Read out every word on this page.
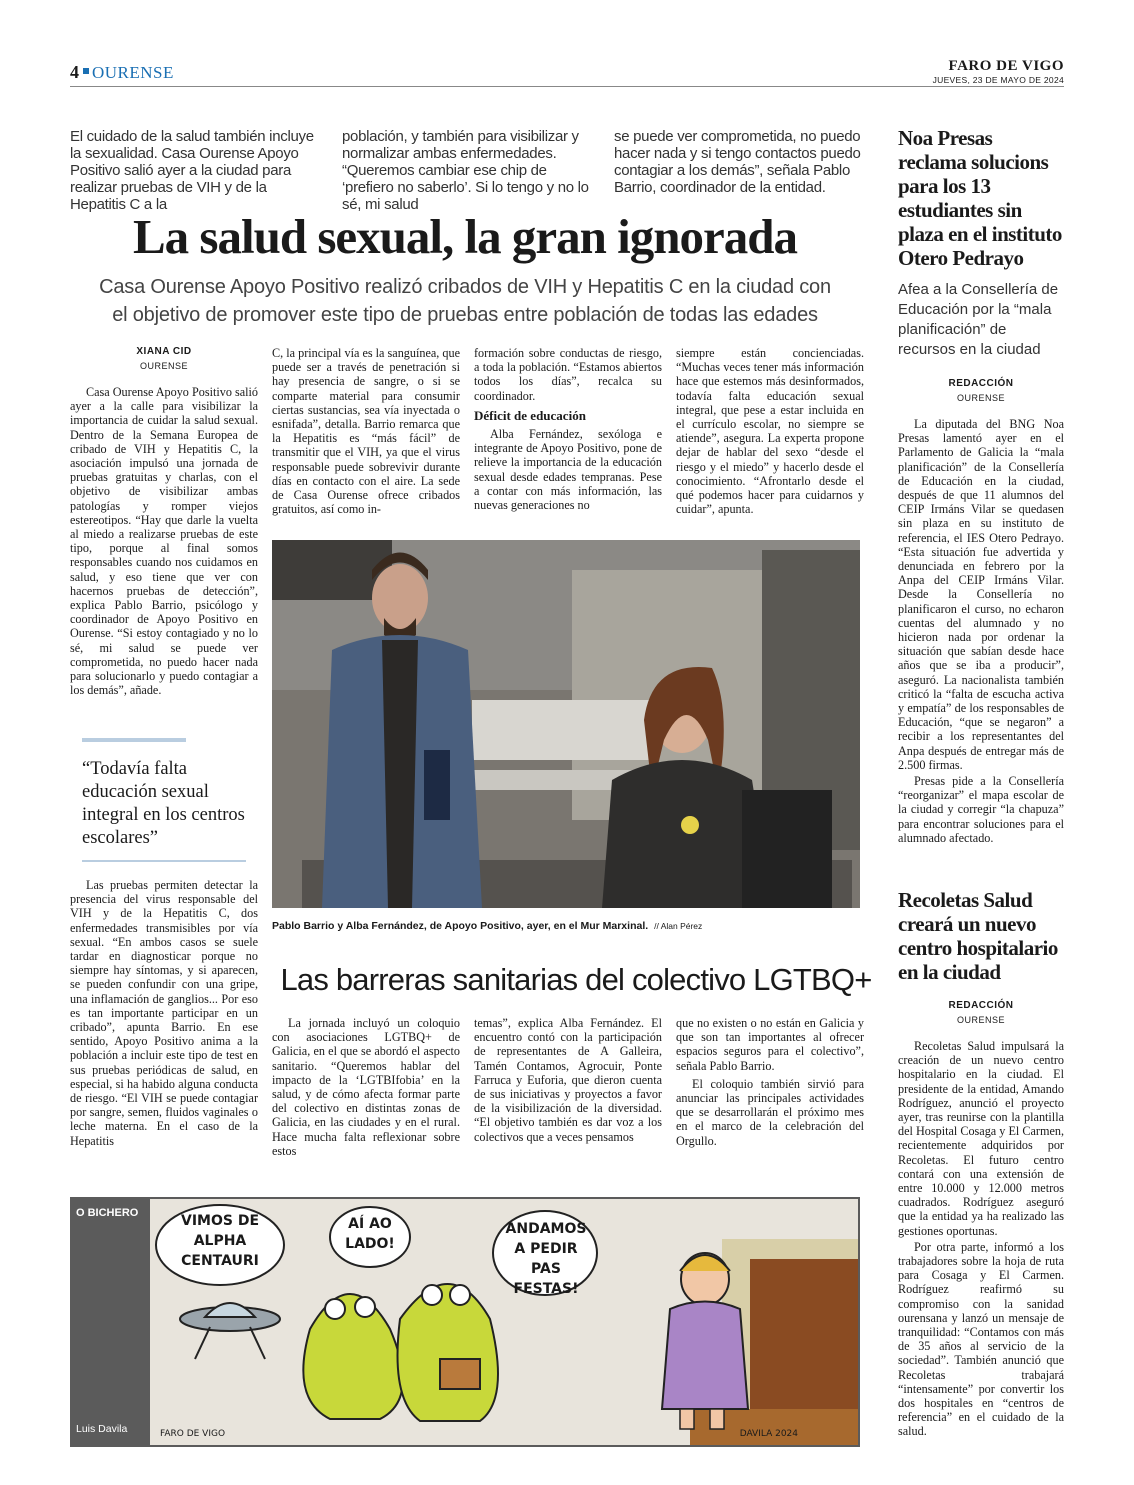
4 OURENSE	FARO DE VIGO
JUEVES, 23 DE MAYO DE 2024
El cuidado de la salud también incluye la sexualidad. Casa Ourense Apoyo Positivo salió ayer a la ciudad para realizar pruebas de VIH y de la Hepatitis C a la
población, y también para visibilizar y normalizar ambas enfermedades. “Queremos cambiar ese chip de ‘prefiero no saberlo’. Si lo tengo y no lo sé, mi salud
se puede ver comprometida, no puedo hacer nada y si tengo contactos puedo contagiar a los demás”, señala Pablo Barrio, coordinador de la entidad.
La salud sexual, la gran ignorada
Casa Ourense Apoyo Positivo realizó cribados de VIH y Hepatitis C en la ciudad con
el objetivo de promover este tipo de pruebas entre población de todas las edades
XIANA CID
OURENSE

Casa Ourense Apoyo Positivo salió ayer a la calle para visibilizar la importancia de cuidar la salud sexual. Dentro de la Semana Europea de cribado de VIH y Hepatitis C, la asociación impulsó una jornada de pruebas gratuitas y charlas, con el objetivo de visibilizar ambas patologías y romper viejos estereotipos. “Hay que darle la vuelta al miedo a realizarse pruebas de este tipo, porque al final somos responsables cuando nos cuidamos en salud, y eso tiene que ver con hacernos pruebas de detección”, explica Pablo Barrio, psicólogo y coordinador de Apoyo Positivo en Ourense. “Si estoy contagiado y no lo sé, mi salud se puede ver comprometida, no puedo hacer nada para solucionarlo y puedo contagiar a los demás”, añade.

“Todavía falta educación sexual integral en los centros escolares”

Las pruebas permiten detectar la presencia del virus responsable del VIH y de la Hepatitis C, dos enfermedades transmisibles por vía sexual. “En ambos casos se suele tardar en diagnosticar porque no siempre hay síntomas, y si aparecen, se pueden confundir con una gripe, una inflamación de ganglios... Por eso es tan importante participar en un cribado”, apunta Barrio. En ese sentido, Apoyo Positivo anima a la población a incluir este tipo de test en sus pruebas periódicas de salud, en especial, si ha habido alguna conducta de riesgo. “El VIH se puede contagiar por sangre, semen, fluidos vaginales o leche materna. En el caso de la Hepatitis

C, la principal vía es la sanguínea, que puede ser a través de penetración si hay presencia de sangre, o si se comparte material para consumir ciertas sustancias, sea vía inyectada o esnifada”, detalla. Barrio remarca que la Hepatitis es “más fácil” de transmitir que el VIH, ya que el virus responsable puede sobrevivir durante días en contacto con el aire. La sede de Casa Ourense ofrece cribados gratuitos, así como in-

formación sobre conductas de riesgo, a toda la población. “Estamos abiertos todos los días”, recalca su coordinador.

Déficit de educación

Alba Fernández, sexóloga e integrante de Apoyo Positivo, pone de relieve la importancia de la educación sexual desde edades tempranas. Pese a contar con más información, las nuevas generaciones no

siempre están concienciadas. “Muchas veces tener más información hace que estemos más desinformados, todavía falta educación sexual integral, que pese a estar incluida en el currículo escolar, no siempre se atiende”, asegura. La experta propone dejar de hablar del sexo “desde el riesgo y el miedo” y hacerlo desde el conocimiento. “Afrontarlo desde el qué podemos hacer para cuidarnos y cuidar”, apunta.

Pablo Barrio y Alba Fernández, de Apoyo Positivo, ayer, en el Mur Marxinal. // Alan Pérez
Las barreras sanitarias del colectivo LGTBQ+

La jornada incluyó un coloquio con asociaciones LGTBQ+ de Galicia, en el que se abordó el aspecto sanitario. “Queremos hablar del impacto de la ‘LGTBIfobia’ en la salud, y de cómo afecta formar parte del colectivo en distintas zonas de Galicia, en las ciudades y en el rural. Hace mucha falta reflexionar sobre estos

temas”, explica Alba Fernández. El encuentro contó con la participación de representantes de A Galleira, Tamén Contamos, Agrocuir, Ponte Farruca y Euforia, que dieron cuenta de sus iniciativas y proyectos a favor de la visibilización de la diversidad. “El objetivo también es dar voz a los colectivos que a veces pensamos

que no existen o no están en Galicia y que son tan importantes al ofrecer espacios seguros para el colectivo”, señala Pablo Barrio.

El coloquio también sirvió para anunciar las principales actividades que se desarrollarán el próximo mes en el marco de la celebración del Orgullo.

O BICHERO
Luis Davila
VIMOS DE ALPHA CENTAURI
AÍ AO LADO!
ANDAMOS A PEDIR PAS FESTAS!
FARO DE VIGO	DAVILA 2024
Noa Presas reclama solucions para los 13 estudiantes sin plaza en el instituto Otero Pedrayo
Afea a la Consellería de Educación por la “mala planificación” de recursos en la ciudad
REDACCIÓN
OURENSE

La diputada del BNG Noa Presas lamentó ayer en el Parlamento de Galicia la “mala planificación” de la Consellería de Educación en la ciudad, después de que 11 alumnos del CEIP Irmáns Vilar se quedasen sin plaza en su instituto de referencia, el IES Otero Pedrayo. “Esta situación fue advertida y denunciada en febrero por la Anpa del CEIP Irmáns Vilar. Desde la Consellería no planificaron el curso, no echaron cuentas del alumnado y no hicieron nada por ordenar la situación que sabían desde hace años que se iba a producir”, aseguró. La nacionalista también criticó la “falta de escucha activa y empatía” de los responsables de Educación, “que se negaron” a recibir a los representantes del Anpa después de entregar más de 2.500 firmas.

Presas pide a la Consellería “reorganizar” el mapa escolar de la ciudad y corregir “la chapuza” para encontrar soluciones para el alumnado afectado.

Recoletas Salud creará un nuevo centro hospitalario en la ciudad
REDACCIÓN
OURENSE

Recoletas Salud impulsará la creación de un nuevo centro hospitalario en la ciudad. El presidente de la entidad, Amando Rodríguez, anunció el proyecto ayer, tras reunirse con la plantilla del Hospital Cosaga y El Carmen, recientemente adquiridos por Recoletas. El futuro centro contará con una extensión de entre 10.000 y 12.000 metros cuadrados. Rodríguez aseguró que la entidad ya ha realizado las gestiones oportunas.

Por otra parte, informó a los trabajadores sobre la hoja de ruta para Cosaga y El Carmen. Rodríguez reafirmó su compromiso con la sanidad ourensana y lanzó un mensaje de tranquilidad: “Contamos con más de 35 años al servicio de la sociedad”. También anunció que Recoletas trabajará “intensamente” por convertir los dos hospitales en “centros de referencia” en el cuidado de la salud.
